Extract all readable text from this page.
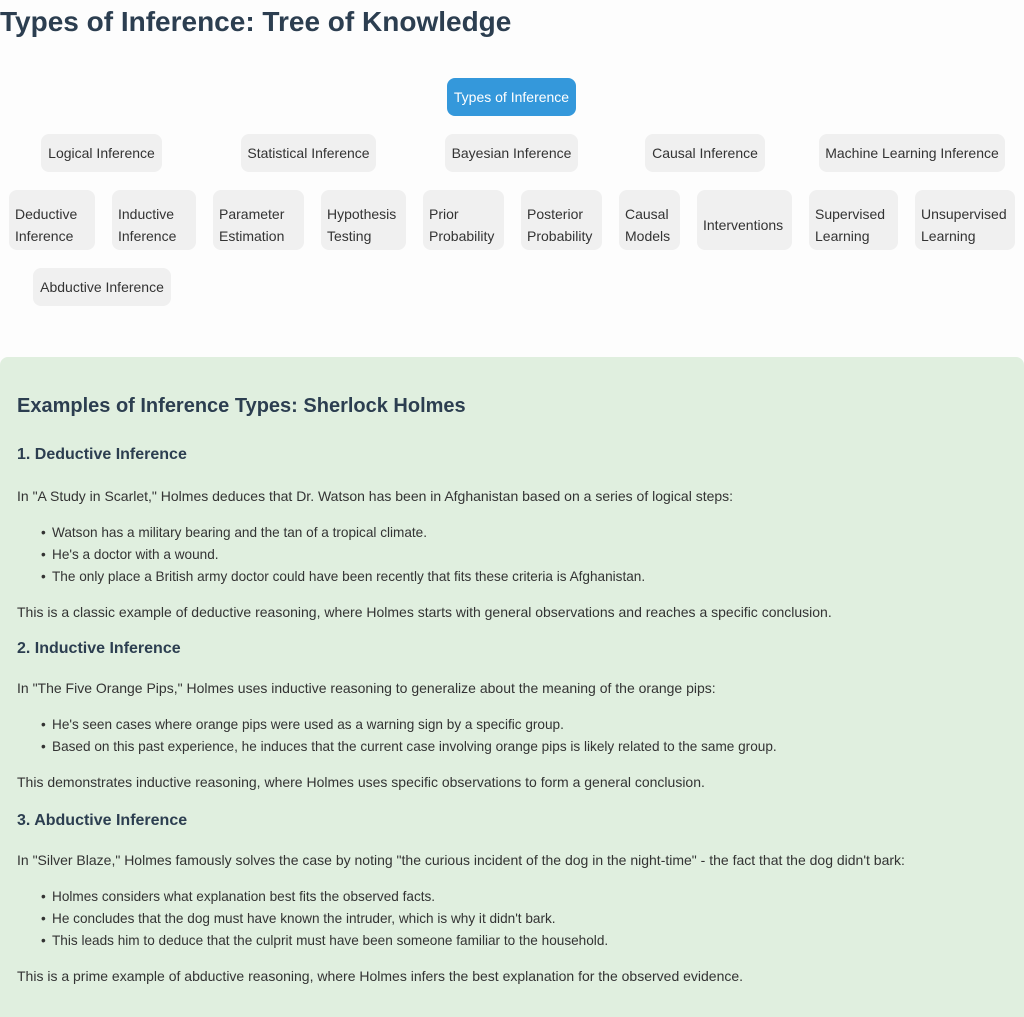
Types of Inference: Tree of Knowledge
Types of Inference
Logical Inference	Statistical Inference	Bayesian Inference	Causal Inference	Machine Learning Inference
Deductive
Inference
Inductive
Inference
Parameter
Estimation
Hypothesis
Testing
Prior
Probability
Posterior
Probability
Causal
Models
Interventions
Supervised
Learning
Unsupervised
Learning
Abductive Inference
Examples of Inference Types: Sherlock Holmes
1. Deductive Inference

In "A Study in Scarlet," Holmes deduces that Dr. Watson has been in Afghanistan based on a series of logical steps:

• Watson has a military bearing and the tan of a tropical climate.
• He's a doctor with a wound.
• The only place a British army doctor could have been recently that fits these criteria is Afghanistan.

This is a classic example of deductive reasoning, where Holmes starts with general observations and reaches a specific conclusion.

2. Inductive Inference

In "The Five Orange Pips," Holmes uses inductive reasoning to generalize about the meaning of the orange pips:

• He's seen cases where orange pips were used as a warning sign by a specific group.
• Based on this past experience, he induces that the current case involving orange pips is likely related to the same group.

This demonstrates inductive reasoning, where Holmes uses specific observations to form a general conclusion.

3. Abductive Inference

In "Silver Blaze," Holmes famously solves the case by noting "the curious incident of the dog in the night-time" - the fact that the dog didn't bark:

• Holmes considers what explanation best fits the observed facts.
• He concludes that the dog must have known the intruder, which is why it didn't bark.
• This leads him to deduce that the culprit must have been someone familiar to the household.

This is a prime example of abductive reasoning, where Holmes infers the best explanation for the observed evidence.
